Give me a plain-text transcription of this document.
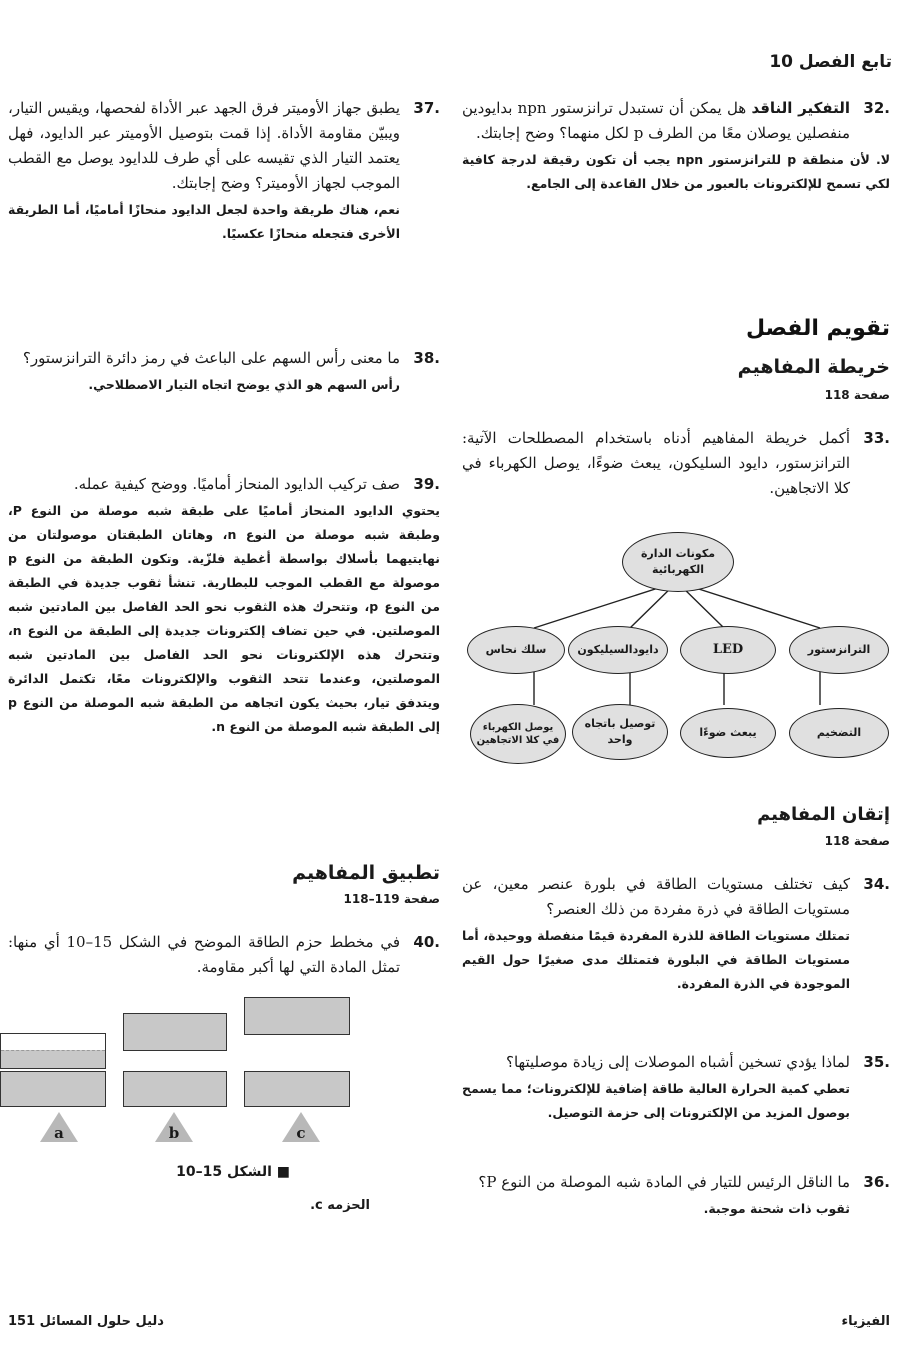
تابع الفصل 10
32.
التفكير الناقد هل يمكن أن تستبدل ترانزستور npn بدايودين منفصلين يوصلان معًا من الطرف p لكل منهما؟ وضح إجابتك.
لا. لأن منطقة p للترانزستور npn يجب أن تكون رقيقة لدرجة كافية لكي تسمح للإلكترونات بالعبور من خلال القاعدة إلى الجامع.
تقويم الفصل
خريطة المفاهيم
صفحة 118
33.
أكمل خريطة المفاهيم أدناه باستخدام المصطلحات الآتية: الترانزستور، دايود السليكون، يبعث ضوءًا، يوصل الكهرباء في كلا الاتجاهين.
مكونات الدارة الكهربائية
الترانزستور
LED
دايودالسيليكون
سلك نحاس
التضخيم
يبعث ضوءًا
توصيل باتجاه واحد
يوصل الكهرباء في كلا الاتجاهين
إتقان المفاهيم
صفحة 118
34.
كيف تختلف مستويات الطاقة في بلورة عنصر معين، عن مستويات الطاقة في ذرة مفردة من ذلك العنصر؟
تمتلك مستويات الطاقة للذرة المفردة قيمًا منفصلة ووحيدة، أما مستويات الطاقة في البلورة فتمتلك مدى صغيرًا حول القيم الموجودة في الذرة المفردة.
35.
لماذا يؤدي تسخين أشباه الموصلات إلى زيادة موصليتها؟
تعطي كمية الحرارة العالية طاقة إضافية للإلكترونات؛ مما يسمح بوصول المزيد من الإلكترونات إلى حزمة التوصيل.
36.
ما الناقل الرئيس للتيار في المادة شبه الموصلة من النوع P؟
ثقوب ذات شحنة موجبة.
37.
يطبق جهاز الأوميتر فرق الجهد عبر الأداة لفحصها، ويقيس التيار، ويبيّن مقاومة الأداة. إذا قمت بتوصيل الأوميتر عبر الدايود، فهل يعتمد التيار الذي تقيسه على أي طرف للدايود يوصل مع القطب الموجب لجهاز الأوميتر؟ وضح إجابتك.
نعم، هناك طريقة واحدة لجعل الدايود منحازًا أماميًا، أما الطريقة الأخرى فتجعله منحازًا عكسيًا.
38.
ما معنى رأس السهم على الباعث في رمز دائرة الترانزستور؟
رأس السهم هو الذي يوضح اتجاه التيار الاصطلاحي.
39.
صف تركيب الدايود المنحاز أماميًا. ووضح كيفية عمله.
يحتوي الدايود المنحاز أماميًا على طبقة شبه موصلة من النوع P، وطبقة شبه موصلة من النوع n، وهاتان الطبقتان موصولتان من نهايتيهما بأسلاك بواسطة أغطية فلزّية. وتكون الطبقة من النوع p موصولة مع القطب الموجب للبطارية. تنشأ ثقوب جديدة في الطبقة من النوع p، وتتحرك هذه الثقوب نحو الحد الفاصل بين المادتين شبه الموصلتين. في حين تضاف إلكترونات جديدة إلى الطبقة من النوع n، وتتحرك هذه الإلكترونات نحو الحد الفاصل بين المادتين شبه الموصلتين، وعندما تتحد الثقوب والإلكترونات معًا، تكتمل الدائرة ويتدفق تيار، بحيث يكون اتجاهه من الطبقة شبه الموصلة من النوع p إلى الطبقة شبه الموصلة من النوع n.
تطبيق المفاهيم
صفحة 119–118
40.
في مخطط حزم الطاقة الموضح في الشكل 15–10 أي منها: تمثل المادة التي لها أكبر مقاومة.
a	b	c
■ الشكل 15–10
الحزمه c.
دليل حلول المسائل 151	الفيزياء
